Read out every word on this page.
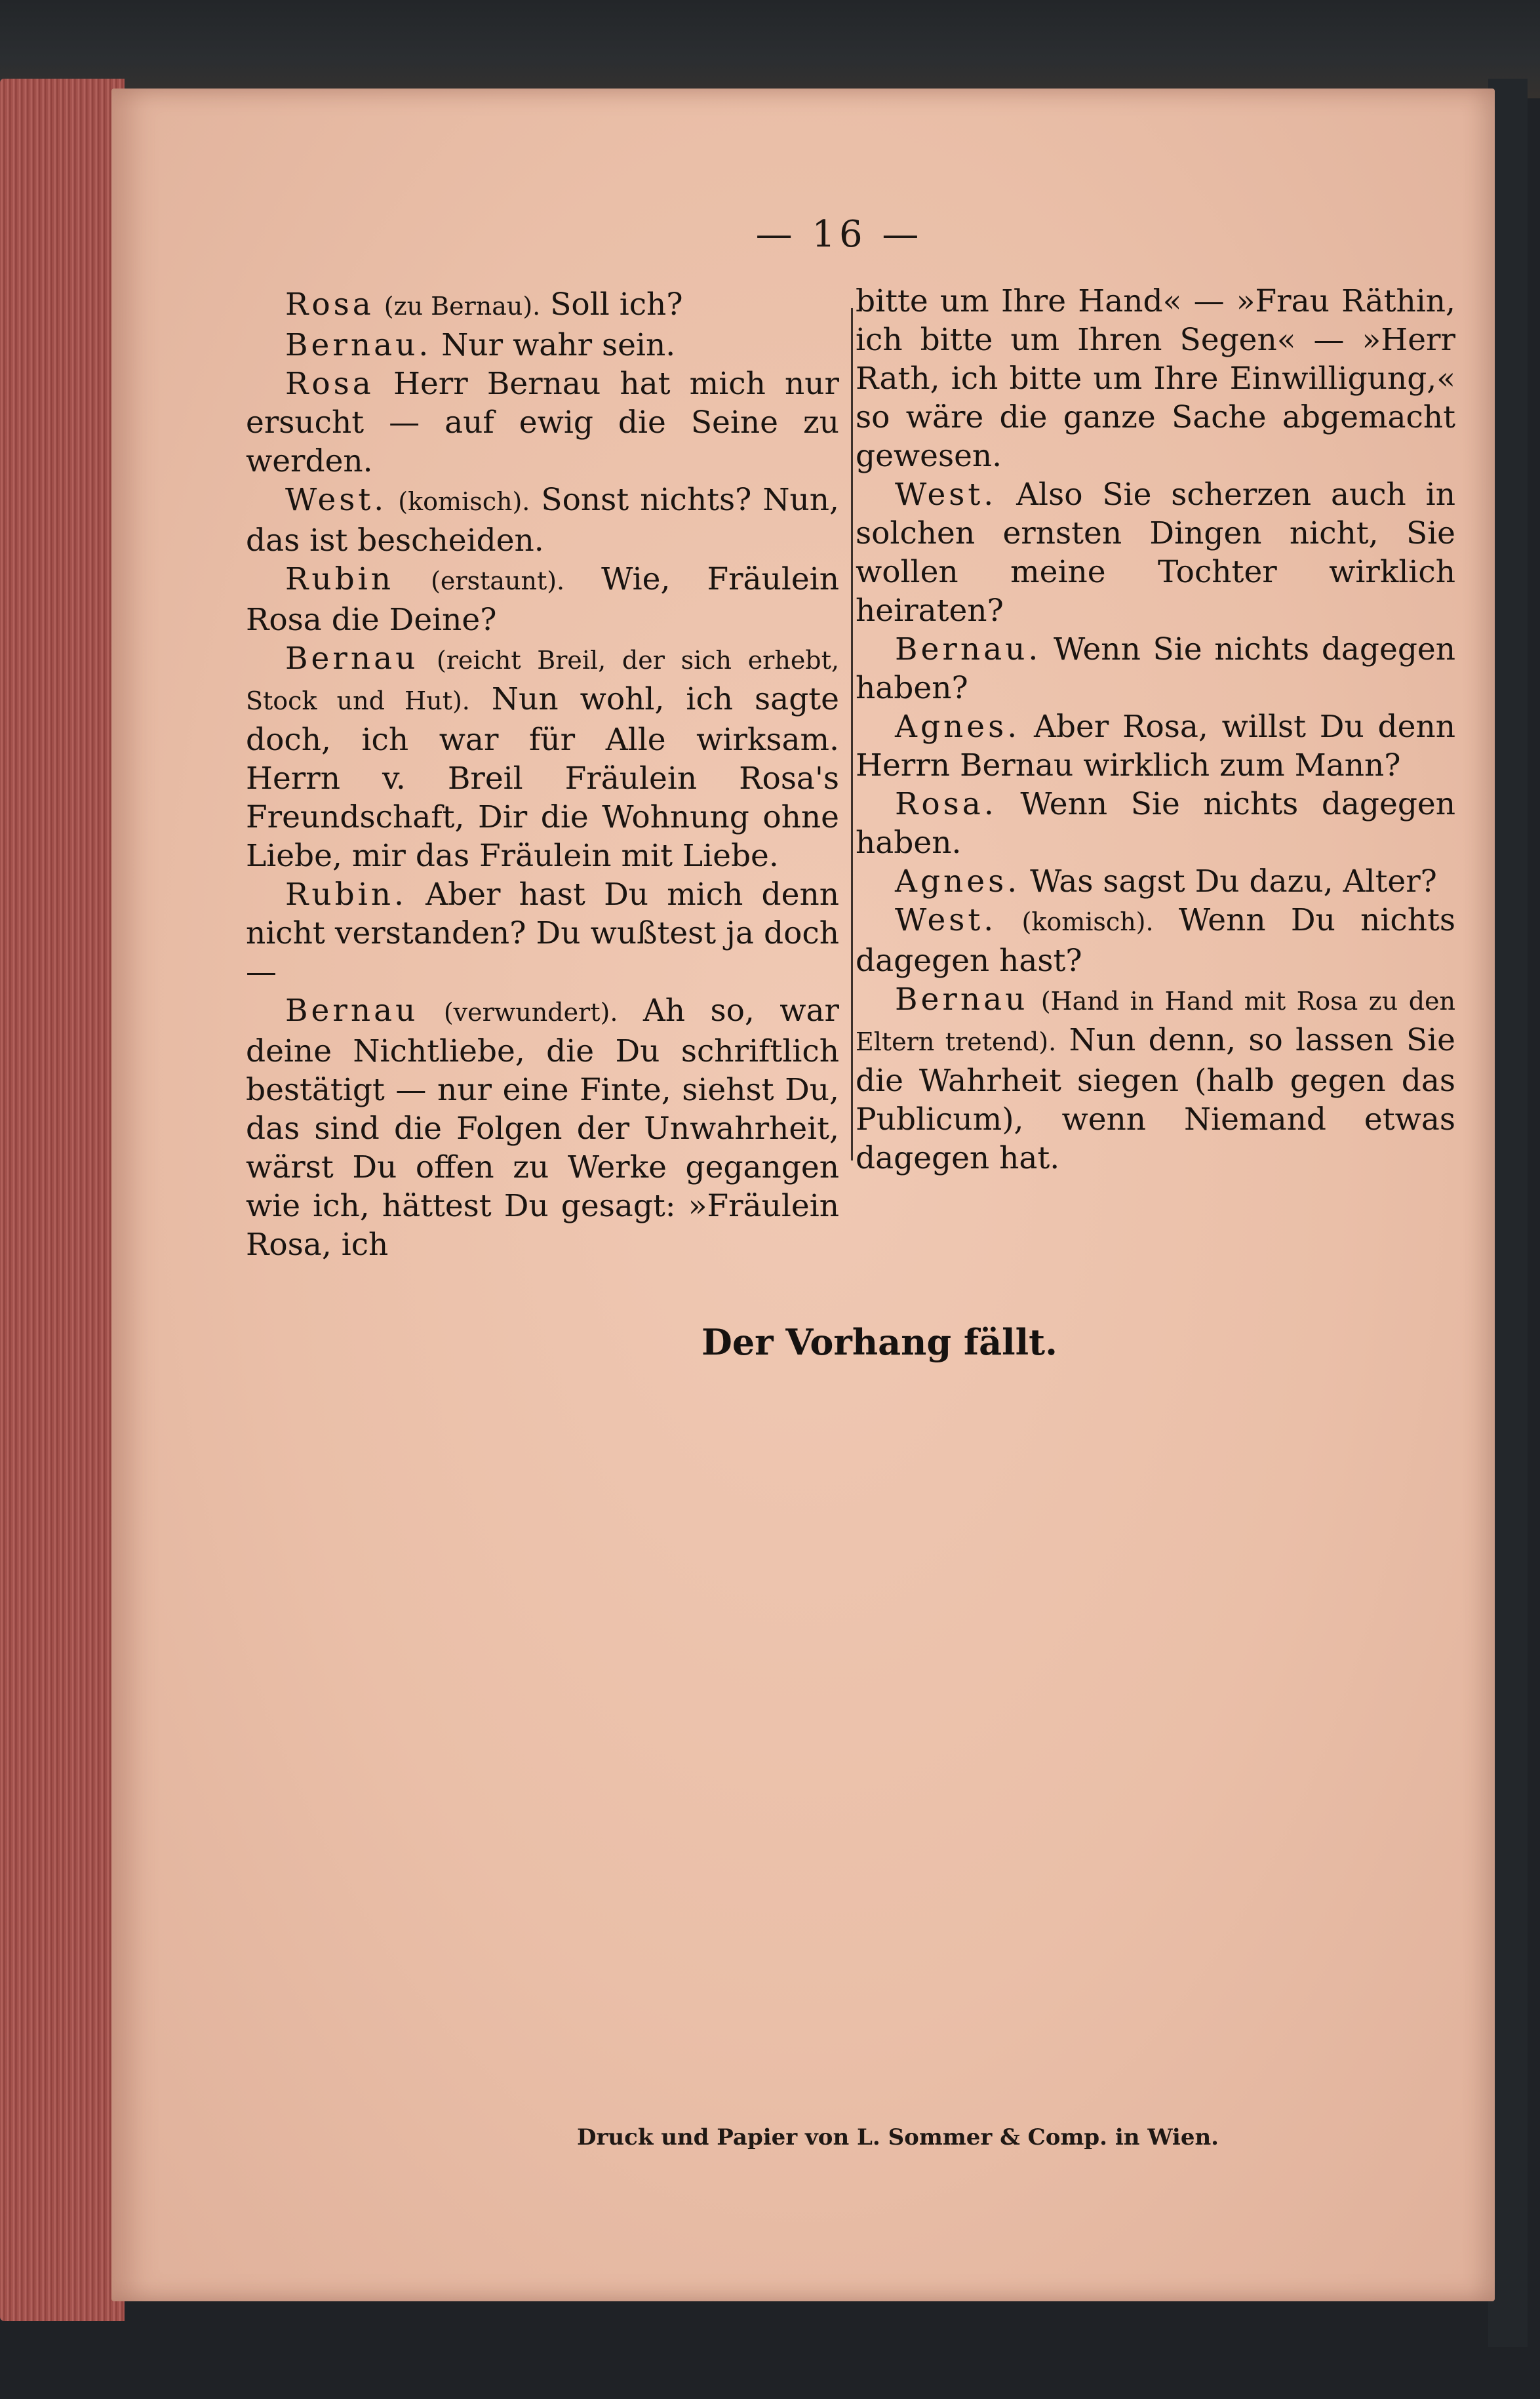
— 16 —

Rosa (zu Bernau). Soll ich?

Bernau. Nur wahr sein.

Rosa Herr Bernau hat mich nur ersucht — auf ewig die Seine zu werden.

West. (komisch). Sonst nichts? Nun, das ist bescheiden.

Rubin (erstaunt). Wie, Fräulein Rosa die Deine?

Bernau (reicht Breil, der sich erhebt, Stock und Hut). Nun wohl, ich sagte doch, ich war für Alle wirksam. Herrn v. Breil Fräulein Rosa's Freundschaft, Dir die Wohnung ohne Liebe, mir das Fräulein mit Liebe.

Rubin. Aber hast Du mich denn nicht verstanden? Du wußtest ja doch —

Bernau (verwundert). Ah so, war deine Nichtliebe, die Du schriftlich bestätigt — nur eine Finte, siehst Du, das sind die Folgen der Unwahrheit, wärst Du offen zu Werke gegangen wie ich, hättest Du gesagt: »Fräulein Rosa, ich

bitte um Ihre Hand« — »Frau Räthin, ich bitte um Ihren Segen« — »Herr Rath, ich bitte um Ihre Einwilligung,« so wäre die ganze Sache abgemacht gewesen.

West. Also Sie scherzen auch in solchen ernsten Dingen nicht, Sie wollen meine Tochter wirklich heiraten?

Bernau. Wenn Sie nichts dagegen haben?

Agnes. Aber Rosa, willst Du denn Herrn Bernau wirklich zum Mann?

Rosa. Wenn Sie nichts dagegen haben.

Agnes. Was sagst Du dazu, Alter?

West. (komisch). Wenn Du nichts dagegen hast?

Bernau (Hand in Hand mit Rosa zu den Eltern tretend). Nun denn, so lassen Sie die Wahrheit siegen (halb gegen das Publicum), wenn Niemand etwas dagegen hat.

Der Vorhang fällt.
Druck und Papier von L. Sommer & Comp. in Wien.
